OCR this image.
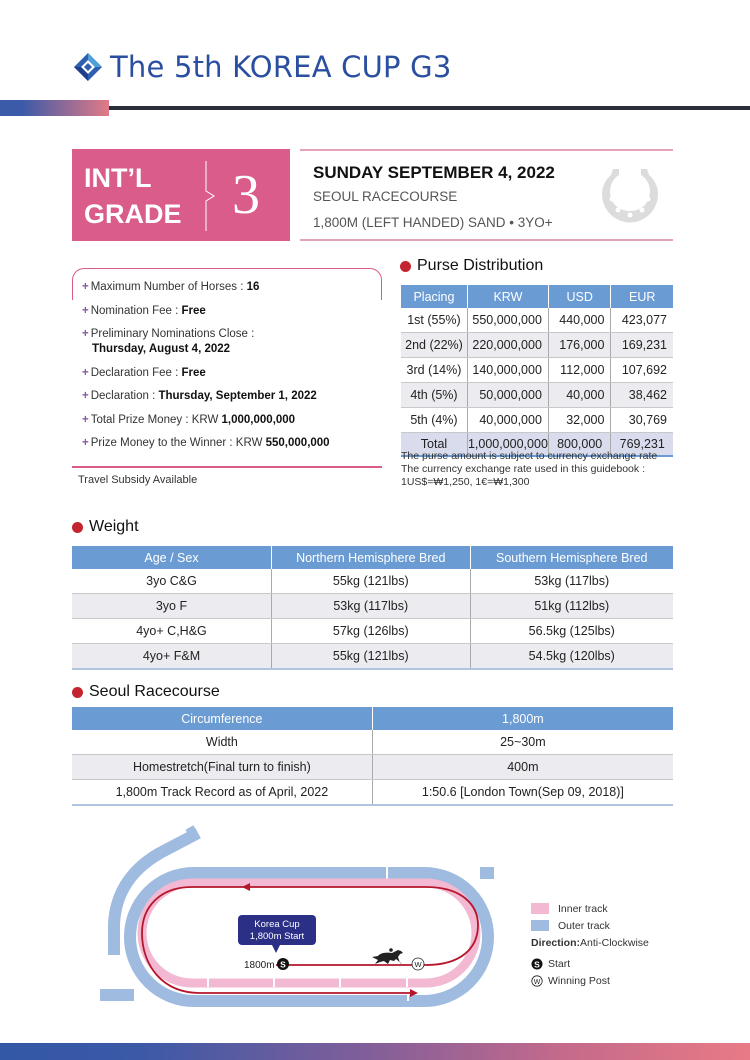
The 5th KOREA CUP G3
INT’L
GRADE 3	SUNDAY SEPTEMBER 4, 2022
SEOUL RACECOURSE
1,800M (LEFT HANDED) SAND • 3YO+
+ Maximum Number of Horses : 16
+ Nomination Fee : Free
+ Preliminary Nominations Close :
Thursday, August 4, 2022
+ Declaration Fee : Free
+ Declaration : Thursday, September 1, 2022
+ Total Prize Money : KRW 1,000,000,000
+ Prize Money to the Winner : KRW 550,000,000
Travel Subsidy Available
Purse Distribution
Placing	KRW	USD	EUR
1st (55%)	550,000,000	440,000	423,077
2nd (22%)	220,000,000	176,000	169,231
3rd (14%)	140,000,000	112,000	107,692
4th (5%)	50,000,000	40,000	38,462
5th (4%)	40,000,000	32,000	30,769
Total	1,000,000,000	800,000	769,231
The purse amount is subject to currency exchange rate
The currency exchange rate used in this guidebook :
1US$=₩1,250, 1€=₩1,300
Weight
Age / Sex	Northern Hemisphere Bred	Southern Hemisphere Bred
3yo C&G	55kg (121lbs)	53kg (117lbs)
3yo F	53kg (117lbs)	51kg (112lbs)
4yo+ C,H&G	57kg (126lbs)	56.5kg (125lbs)
4yo+ F&M	55kg (121lbs)	54.5kg (120lbs)
Seoul Racecourse
Circumference	1,800m
Width	25~30m
Homestretch(Final turn to finish)	400m
1,800m Track Record as of April, 2022	1:50.6 [London Town(Sep 09, 2018)]
Korea Cup
1,800m Start
1800m S	W
Inner track
Outer track
Direction: Anti-Clockwise
S Start
W Winning Post
